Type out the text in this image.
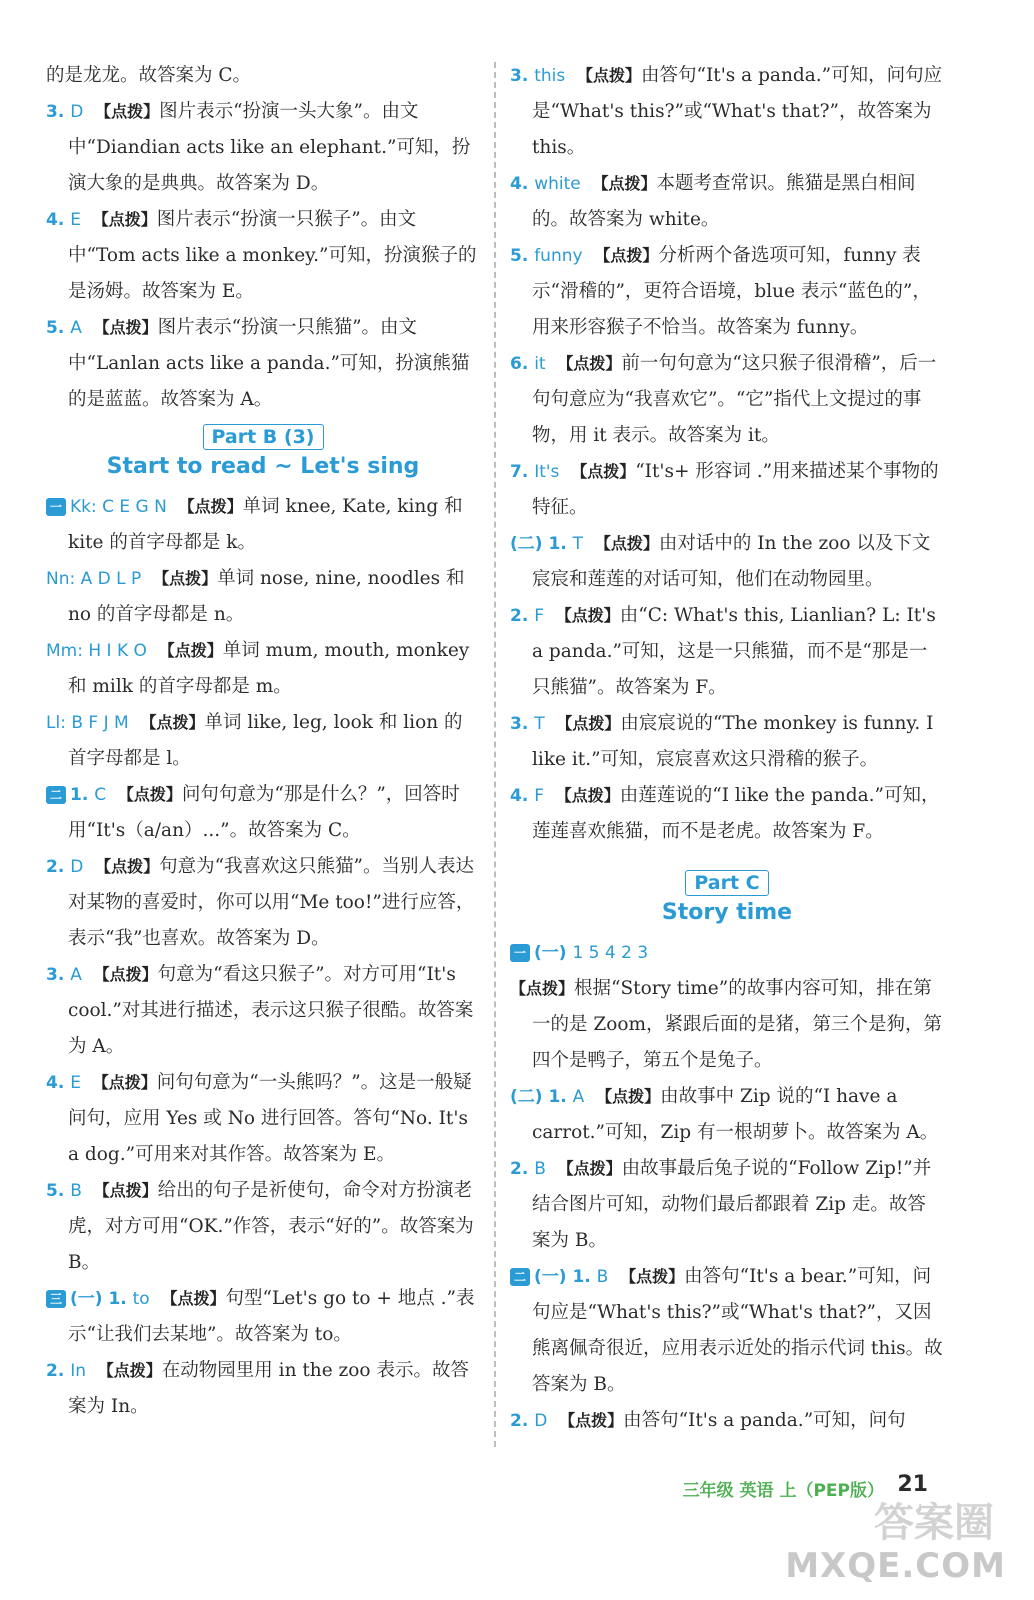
的是龙龙。故答案为 C。

3. D 【点拨】图片表示“扮演一头大象”。由文中“Diandian acts like an elephant.”可知，扮演大象的是典典。故答案为 D。

4. E 【点拨】图片表示“扮演一只猴子”。由文中“Tom acts like a monkey.”可知，扮演猴子的是汤姆。故答案为 E。

5. A 【点拨】图片表示“扮演一只熊猫”。由文中“Lanlan acts like a panda.”可知，扮演熊猫的是蓝蓝。故答案为 A。

Part B (3)
Start to read ~ Let's sing

一 Kk: C E G N 【点拨】单词 knee, Kate, king 和 kite 的首字母都是 k。

Nn: A D L P 【点拨】单词 nose, nine, noodles 和 no 的首字母都是 n。

Mm: H I K O 【点拨】单词 mum, mouth, monkey 和 milk 的首字母都是 m。

Ll: B F J M 【点拨】单词 like, leg, look 和 lion 的首字母都是 l。

二 1. C 【点拨】问句句意为“那是什么？”，回答时用“It's（a/an）...”。故答案为 C。

2. D 【点拨】句意为“我喜欢这只熊猫”。当别人表达对某物的喜爱时，你可以用“Me too!”进行应答，表示“我”也喜欢。故答案为 D。

3. A 【点拨】句意为“看这只猴子”。对方可用“It's cool.”对其进行描述，表示这只猴子很酷。故答案为 A。

4. E 【点拨】问句句意为“一头熊吗？”。这是一般疑问句，应用 Yes 或 No 进行回答。答句“No. It's a dog.”可用来对其作答。故答案为 E。

5. B 【点拨】给出的句子是祈使句，命令对方扮演老虎，对方可用“OK.”作答，表示“好的”。故答案为 B。

三 (一) 1. to 【点拨】句型“Let's go to + 地点 .”表示“让我们去某地”。故答案为 to。

2. In 【点拨】在动物园里用 in the zoo 表示。故答案为 In。

3. this 【点拨】由答句“It's a panda.”可知，问句应是“What's this?”或“What's that?”，故答案为 this。

4. white 【点拨】本题考查常识。熊猫是黑白相间的。故答案为 white。

5. funny 【点拨】分析两个备选项可知，funny 表示“滑稽的”，更符合语境，blue 表示“蓝色的”，用来形容猴子不恰当。故答案为 funny。

6. it 【点拨】前一句句意为“这只猴子很滑稽”，后一句句意应为“我喜欢它”。“它”指代上文提过的事物，用 it 表示。故答案为 it。

7. It's 【点拨】“It's+ 形容词 .”用来描述某个事物的特征。

(二) 1. T 【点拨】由对话中的 In the zoo 以及下文宸宸和莲莲的对话可知，他们在动物园里。

2. F 【点拨】由“C: What's this, Lianlian? L: It's a panda.”可知，这是一只熊猫，而不是“那是一只熊猫”。故答案为 F。

3. T 【点拨】由宸宸说的“The monkey is funny. I like it.”可知，宸宸喜欢这只滑稽的猴子。

4. F 【点拨】由莲莲说的“I like the panda.”可知，莲莲喜欢熊猫，而不是老虎。故答案为 F。

Part C
Story time

一 (一) 1 5 4 2 3

【点拨】根据“Story time”的故事内容可知，排在第一的是 Zoom，紧跟后面的是猪，第三个是狗，第四个是鸭子，第五个是兔子。

(二) 1. A 【点拨】由故事中 Zip 说的“I have a carrot.”可知，Zip 有一根胡萝卜。故答案为 A。

2. B 【点拨】由故事最后兔子说的“Follow Zip!”并结合图片可知，动物们最后都跟着 Zip 走。故答案为 B。

二 (一) 1. B 【点拨】由答句“It's a bear.”可知，问句应是“What's this?”或“What's that?”，又因熊离佩奇很近，应用表示近处的指示代词 this。故答案为 B。

2. D 【点拨】由答句“It's a panda.”可知，问句

三年级 英语 上（PEP版） 21
答案圈
MXQE.COM
